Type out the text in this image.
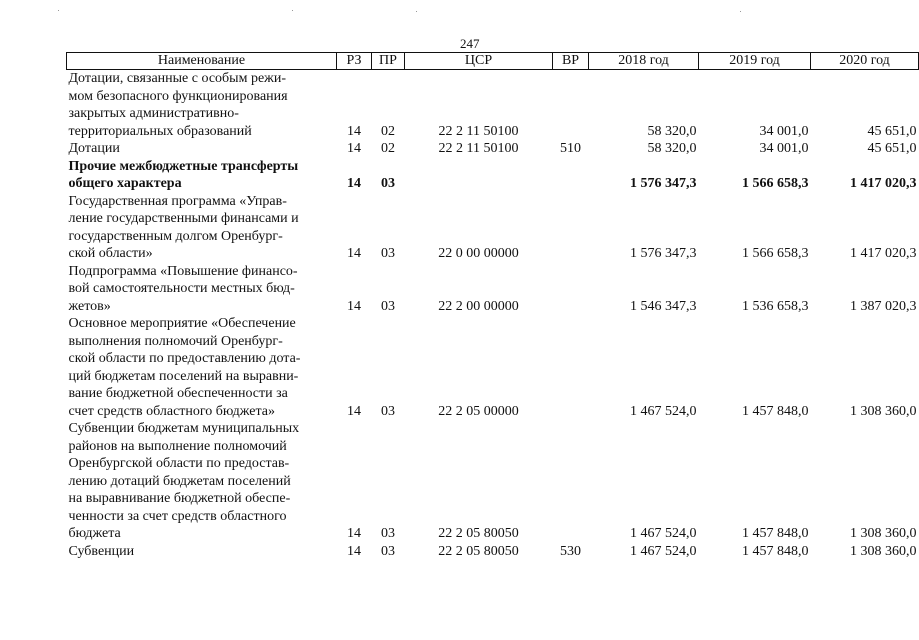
247
Наименование	РЗ	ПР	ЦСР	ВР	2018 год	2019 год	2020 год
Дотации, связанные с особым режи-							
мом безопасного функционирования							
закрытых административно-							
территориальных образований	14	02	22 2 11 50100		58 320,0	34 001,0	45 651,0
Дотации	14	02	22 2 11 50100	510	58 320,0	34 001,0	45 651,0
Прочие межбюджетные трансферты							
общего характера	14	03			1 576 347,3	1 566 658,3	1 417 020,3
Государственная программа «Управ-							
ление государственными финансами и							
государственным долгом Оренбург-							
ской области»	14	03	22 0 00 00000		1 576 347,3	1 566 658,3	1 417 020,3
Подпрограмма «Повышение финансо-							
вой самостоятельности местных бюд-							
жетов»	14	03	22 2 00 00000		1 546 347,3	1 536 658,3	1 387 020,3
Основное мероприятие «Обеспечение							
выполнения полномочий Оренбург-							
ской области по предоставлению дота-							
ций бюджетам поселений на выравни-							
вание бюджетной обеспеченности за							
счет средств областного бюджета»	14	03	22 2 05 00000		1 467 524,0	1 457 848,0	1 308 360,0
Субвенции бюджетам муниципальных							
районов на выполнение полномочий							
Оренбургской области по предостав-							
лению дотаций бюджетам поселений							
на выравнивание бюджетной обеспе-							
ченности за счет средств областного							
бюджета	14	03	22 2 05 80050		1 467 524,0	1 457 848,0	1 308 360,0
Субвенции	14	03	22 2 05 80050	530	1 467 524,0	1 457 848,0	1 308 360,0
